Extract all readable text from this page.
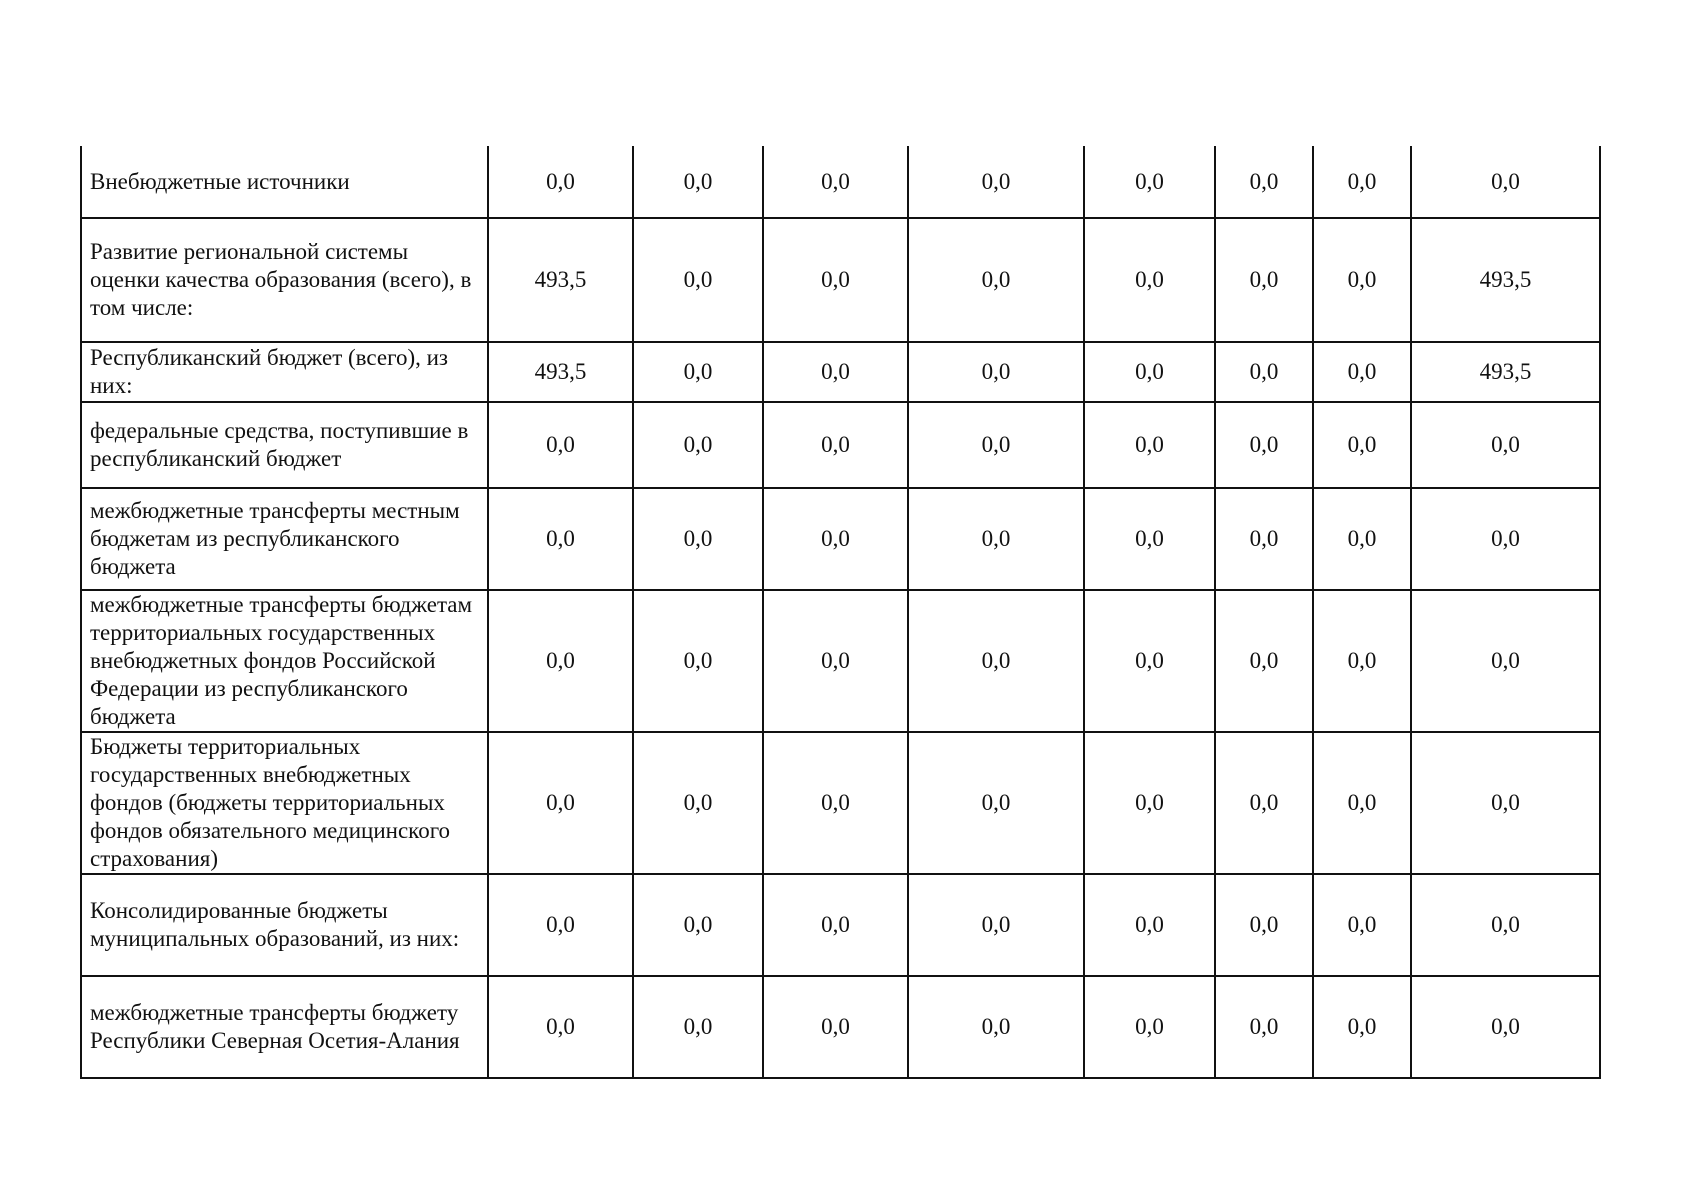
Внебюджетные источники	0,0	0,0	0,0	0,0	0,0	0,0	0,0	0,0
Развитие региональной системы оценки качества образования (всего), в том числе:	493,5	0,0	0,0	0,0	0,0	0,0	0,0	493,5
Республиканский бюджет (всего), из них:	493,5	0,0	0,0	0,0	0,0	0,0	0,0	493,5
федеральные средства, поступившие в республиканский бюджет	0,0	0,0	0,0	0,0	0,0	0,0	0,0	0,0
межбюджетные трансферты местным бюджетам из республиканского бюджета	0,0	0,0	0,0	0,0	0,0	0,0	0,0	0,0
межбюджетные трансферты бюджетам территориальных государственных внебюджетных фондов Российской Федерации из республиканского бюджета	0,0	0,0	0,0	0,0	0,0	0,0	0,0	0,0
Бюджеты территориальных государственных внебюджетных фондов (бюджеты территориальных фондов обязательного медицинского страхования)	0,0	0,0	0,0	0,0	0,0	0,0	0,0	0,0
Консолидированные бюджеты муниципальных образований, из них:	0,0	0,0	0,0	0,0	0,0	0,0	0,0	0,0
межбюджетные трансферты бюджету Республики Северная Осетия-Алания	0,0	0,0	0,0	0,0	0,0	0,0	0,0	0,0
